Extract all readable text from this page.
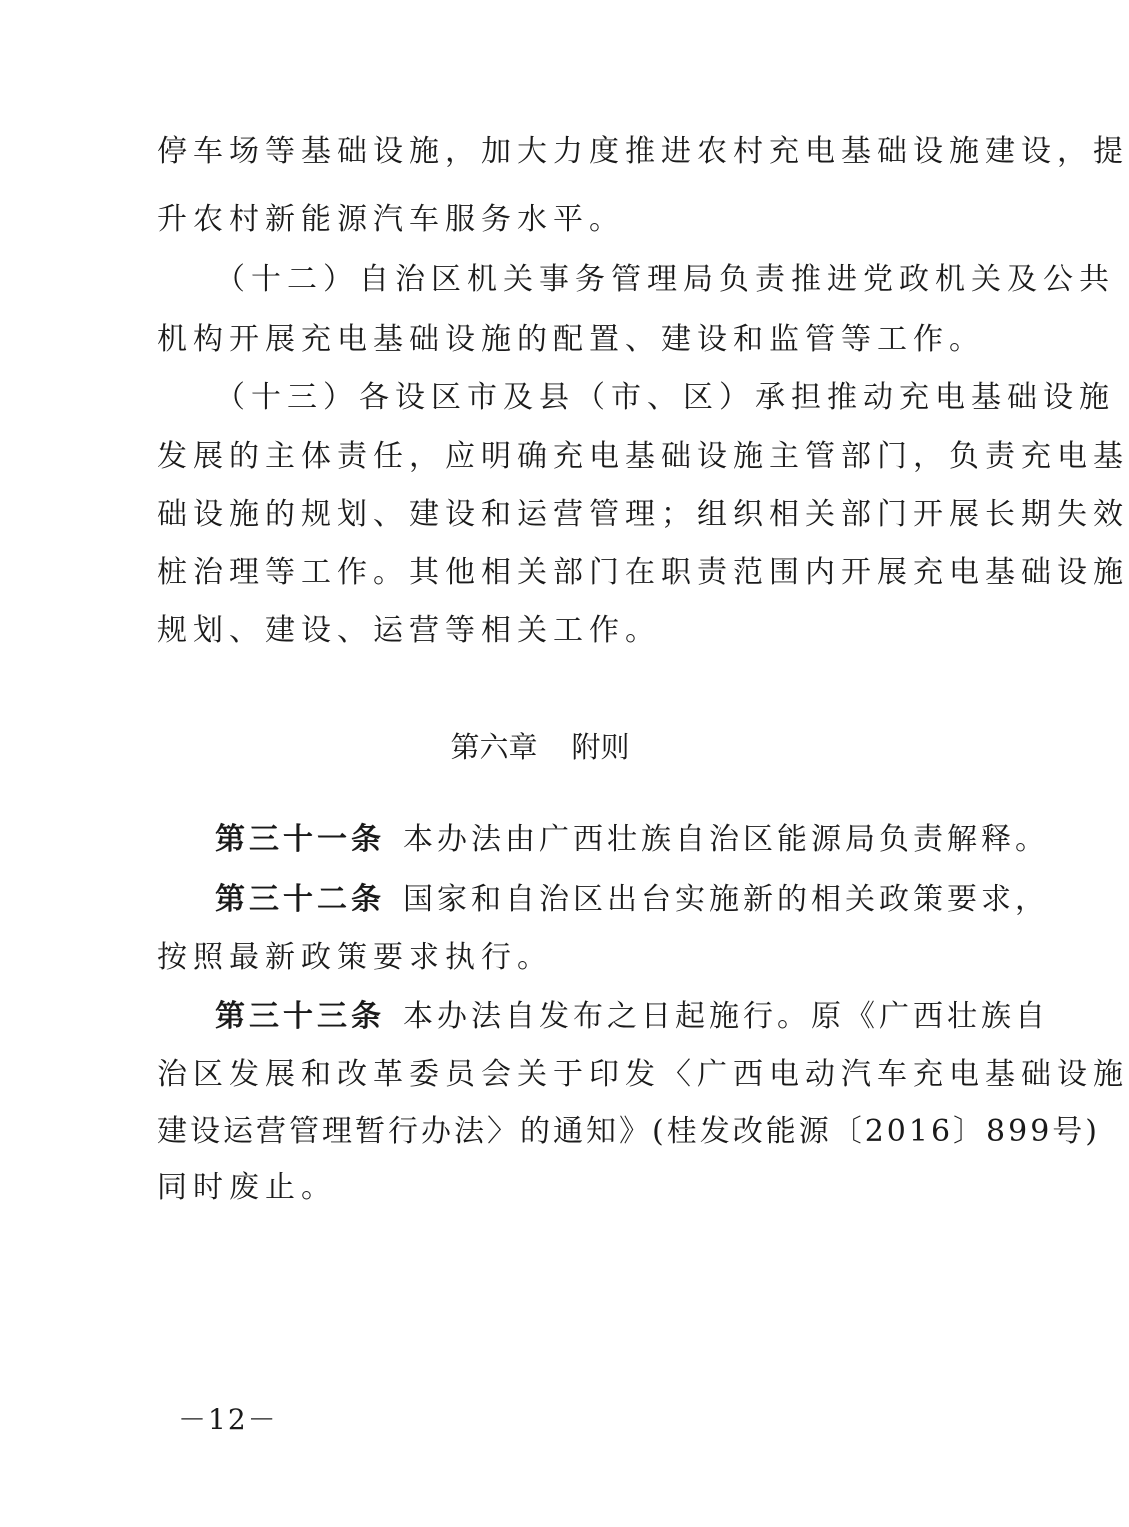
停车场等基础设施，加大力度推进农村充电基础设施建设，提
升农村新能源汽车服务水平。
（十二）自治区机关事务管理局负责推进党政机关及公共
机构开展充电基础设施的配置、建设和监管等工作。
（十三）各设区市及县（市、区）承担推动充电基础设施
发展的主体责任，应明确充电基础设施主管部门，负责充电基
础设施的规划、建设和运营管理；组织相关部门开展长期失效
桩治理等工作。其他相关部门在职责范围内开展充电基础设施
规划、建设、运营等相关工作。
第六章 附则
第三十一条 本办法由广西壮族自治区能源局负责解释。
第三十二条 国家和自治区出台实施新的相关政策要求，
按照最新政策要求执行。
第三十三条 本办法自发布之日起施行。原《广西壮族自
治区发展和改革委员会关于印发〈广西电动汽车充电基础设施
建设运营管理暂行办法〉的通知》(桂发改能源〔2016〕899号)
同时废止。
－12－
